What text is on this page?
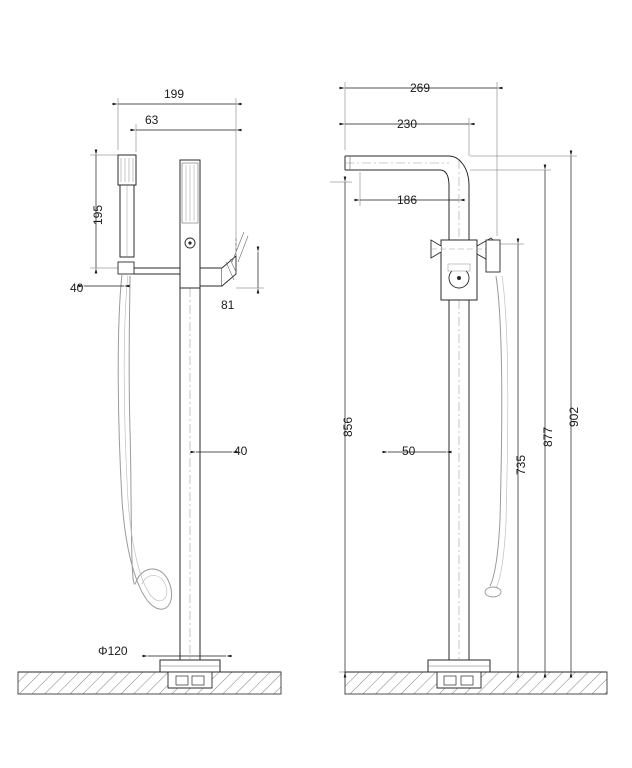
199
63
195
40
81
40
Φ120
269
230
186
856
50
735
877
902
